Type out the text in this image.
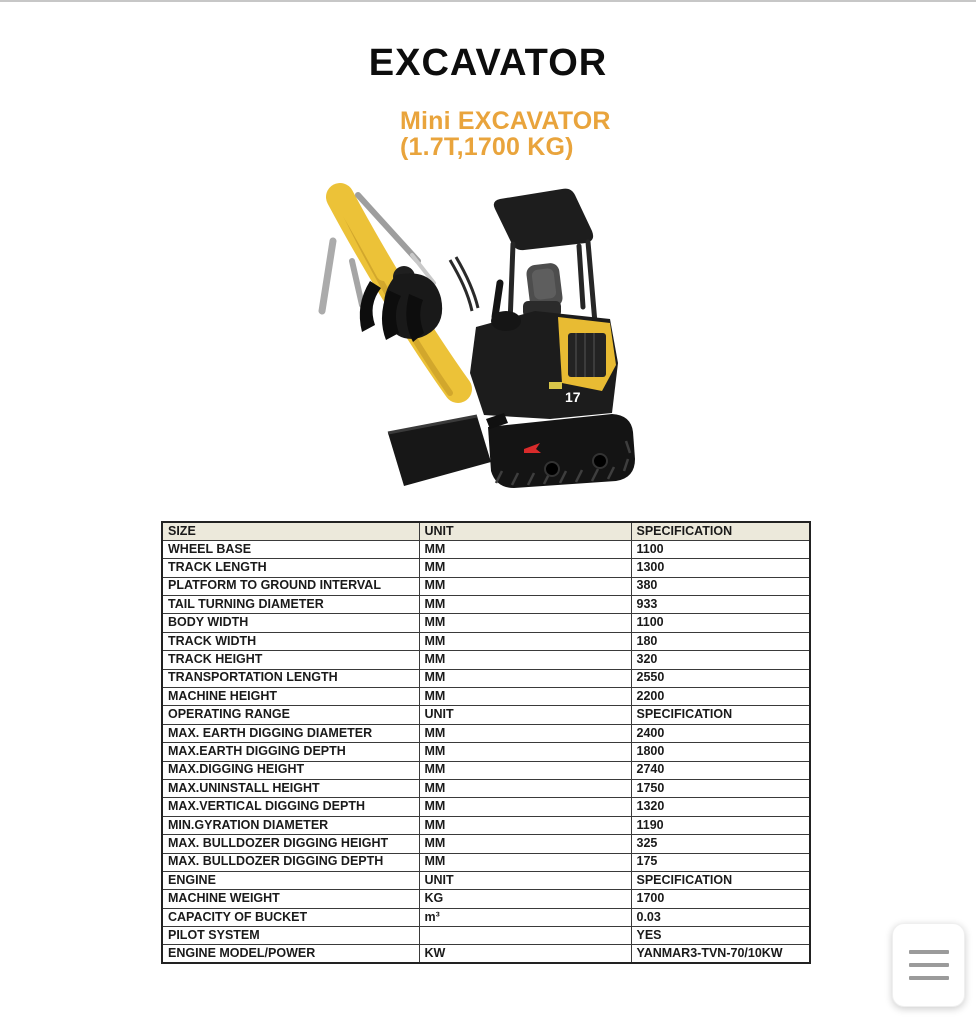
EXCAVATOR
Mini EXCAVATOR
(1.7T,1700 KG)
17
SIZE	UNIT	SPECIFICATION
WHEEL BASE	MM	1100
TRACK LENGTH	MM	1300
PLATFORM TO GROUND INTERVAL	MM	380
TAIL TURNING DIAMETER	MM	933
BODY WIDTH	MM	1100
TRACK WIDTH	MM	180
TRACK HEIGHT	MM	320
TRANSPORTATION LENGTH	MM	2550
MACHINE HEIGHT	MM	2200
OPERATING RANGE	UNIT	SPECIFICATION
MAX. EARTH DIGGING DIAMETER	MM	2400
MAX.EARTH DIGGING DEPTH	MM	1800
MAX.DIGGING HEIGHT	MM	2740
MAX.UNINSTALL HEIGHT	MM	1750
MAX.VERTICAL DIGGING DEPTH	MM	1320
MIN.GYRATION DIAMETER	MM	1190
MAX. BULLDOZER DIGGING HEIGHT	MM	325
MAX. BULLDOZER DIGGING DEPTH	MM	175
ENGINE	UNIT	SPECIFICATION
MACHINE WEIGHT	KG	1700
CAPACITY OF BUCKET	m³	0.03
PILOT SYSTEM		YES
ENGINE MODEL/POWER	KW	YANMAR3-TVN-70/10KW
